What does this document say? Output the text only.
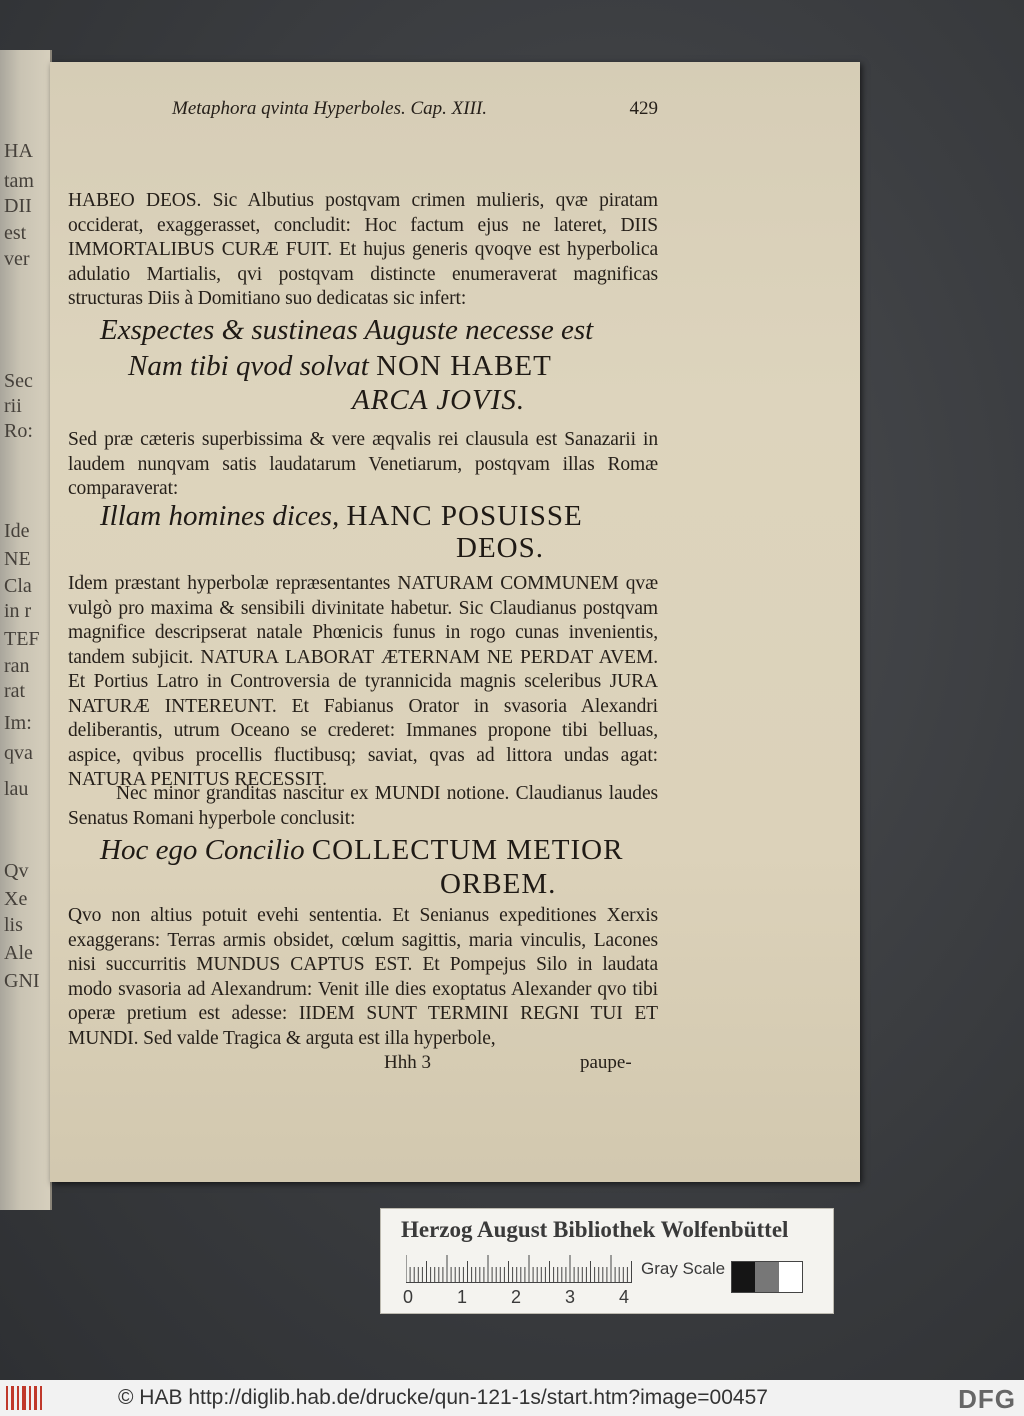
HA
tam
DII
est
ver
Sec
rii
Ro:
Ide
NE
Cla
in r
TEF
ran
rat
Im:
qva
lau
Qv
Xe
lis
Ale
GNI
Metaphora qvinta Hyperboles. Cap. XIII.	429

HABEO DEOS. Sic Albutius postqvam crimen mulieris, qvæ piratam occiderat, exaggerasset, concludit: Hoc factum ejus ne lateret, DIIS IMMORTALIBUS CURÆ FUIT. Et hujus generis qvoqve est hyperbolica adulatio Martialis, qvi postqvam distincte enumeraverat magnificas structuras Diis à Domitiano suo dedicatas sic infert:

Exspectes & sustineas Auguste necesse est
Nam tibi qvod solvat NON HABET
ARCA JOVIS.

Sed præ cæteris superbissima & vere æqvalis rei clausula est Sanazarii in laudem nunqvam satis laudatarum Venetiarum, postqvam illas Romæ comparaverat:

Illam homines dices, HANC POSUISSE
DEOS.

Idem præstant hyperbolæ repræsentantes NATURAM COMMUNEM qvæ vulgò pro maxima & sensibili divinitate habetur. Sic Claudianus postqvam magnifice descripserat natale Phœnicis funus in rogo cunas invenientis, tandem subjicit. NATURA LABORAT ÆTERNAM NE PERDAT AVEM. Et Portius Latro in Controversia de tyrannicida magnis sceleribus JURA NATURÆ INTEREUNT. Et Fabianus Orator in svasoria Alexandri deliberantis, utrum Oceano se crederet: Immanes propone tibi belluas, aspice, qvibus procellis fluctibusq; saviat, qvas ad littora undas agat: NATURA PENITUS RECESSIT.

Nec minor granditas nascitur ex MUNDI notione. Claudianus laudes Senatus Romani hyperbole conclusit:

Hoc ego Concilio COLLECTUM METIOR
ORBEM.

Qvo non altius potuit evehi sententia. Et Senianus expeditiones Xerxis exaggerans: Terras armis obsidet, cœlum sagittis, maria vinculis, Lacones nisi succurritis MUNDUS CAPTUS EST. Et Pompejus Silo in laudata modo svasoria ad Alexandrum: Venit ille dies exoptatus Alexander qvo tibi operæ pretium est adesse: IIDEM SUNT TERMINI REGNI TUI ET MUNDI. Sed valde Tragica & arguta est illa hyperbole,

Hhh 3	paupe-
Herzog August Bibliothek Wolfenbüttel
Gray Scale
0 1 2 3 4
© HAB http://diglib.hab.de/drucke/qun-121-1s/start.htm?image=00457	DFG
